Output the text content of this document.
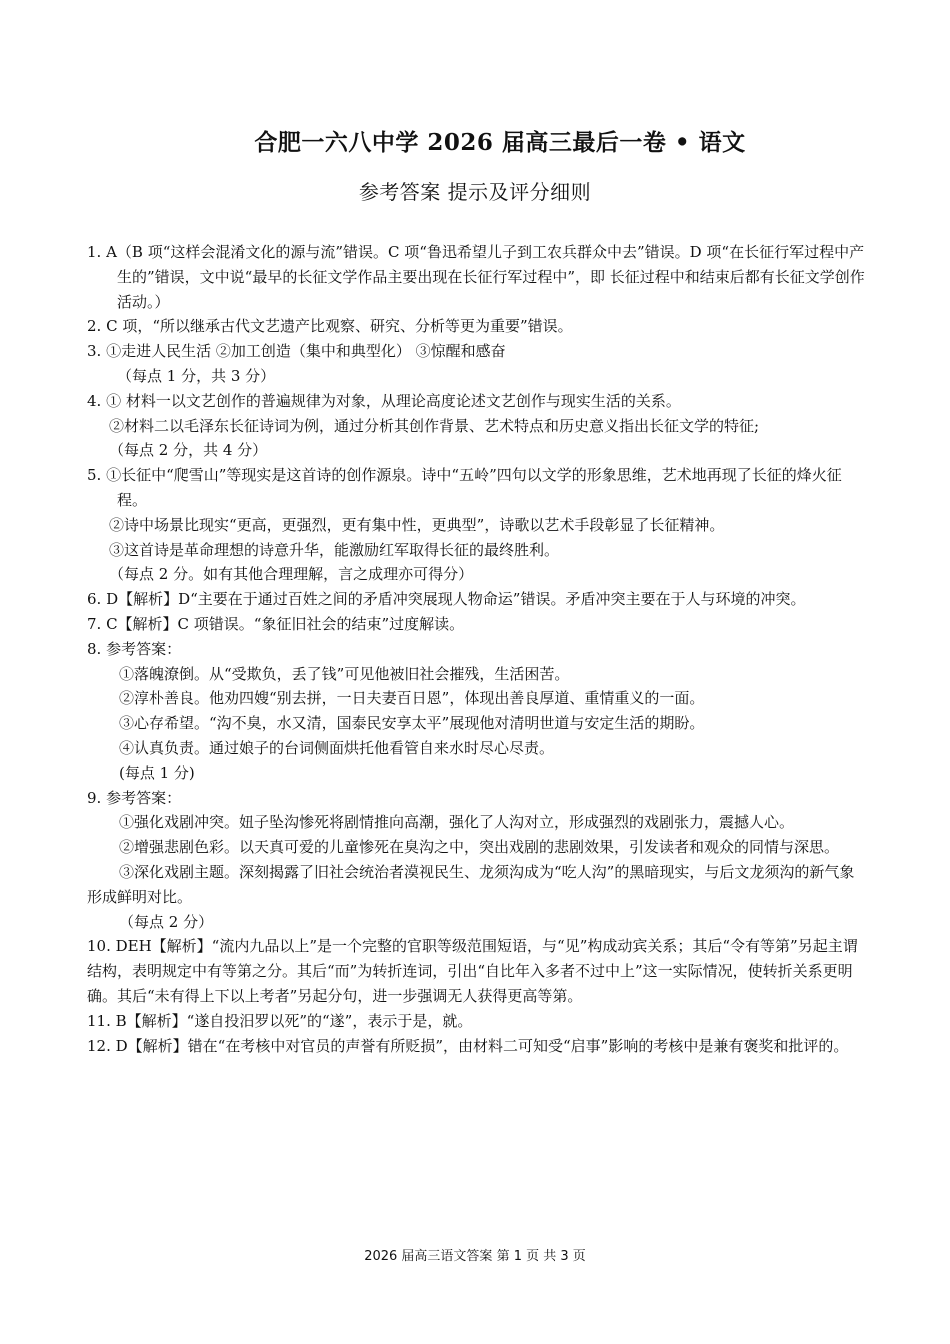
合肥一六八中学 2026 届高三最后一卷 • 语文
参考答案 提示及评分细则

1. A（B 项“这样会混淆文化的源与流”错误。C 项“鲁迅希望儿子到工农兵群众中去”错误。D 项“在长征行军过程中产生的”错误，文中说“最早的长征文学作品主要出现在长征行军过程中”，即 长征过程中和结束后都有长征文学创作活动。）

2. C 项，“所以继承古代文艺遗产比观察、研究、分析等更为重要”错误。

3. ①走进人民生活 ②加工创造（集中和典型化） ③惊醒和感奋

（每点 1 分，共 3 分）

4. ① 材料一以文艺创作的普遍规律为对象，从理论高度论述文艺创作与现实生活的关系。

②材料二以毛泽东长征诗词为例，通过分析其创作背景、艺术特点和历史意义指出长征文学的特征;

（每点 2 分，共 4 分）

5. ①长征中“爬雪山”等现实是这首诗的创作源泉。诗中“五岭”四句以文学的形象思维，艺术地再现了长征的烽火征程。

②诗中场景比现实“更高，更强烈，更有集中性，更典型”，诗歌以艺术手段彰显了长征精神。

③这首诗是革命理想的诗意升华，能激励红军取得长征的最终胜利。

（每点 2 分。如有其他合理理解，言之成理亦可得分）

6. D【解析】D“主要在于通过百姓之间的矛盾冲突展现人物命运”错误。矛盾冲突主要在于人与环境的冲突。

7. C【解析】C 项错误。“象征旧社会的结束”过度解读。

8. 参考答案：

①落魄潦倒。从“受欺负，丢了钱”可见他被旧社会摧残，生活困苦。

②淳朴善良。他劝四嫂“别去拼，一日夫妻百日恩”，体现出善良厚道、重情重义的一面。

③心存希望。“沟不臭，水又清，国泰民安享太平”展现他对清明世道与安定生活的期盼。

④认真负责。通过娘子的台词侧面烘托他看管自来水时尽心尽责。

(每点 1 分)

9. 参考答案：

①强化戏剧冲突。妞子坠沟惨死将剧情推向高潮，强化了人沟对立，形成强烈的戏剧张力，震撼人心。

②增强悲剧色彩。以天真可爱的儿童惨死在臭沟之中，突出戏剧的悲剧效果，引发读者和观众的同情与深思。

③深化戏剧主题。深刻揭露了旧社会统治者漠视民生、龙须沟成为“吃人沟”的黑暗现实，与后文龙须沟的新气象形成鲜明对比。

（每点 2 分）

10. DEH【解析】“流内九品以上”是一个完整的官职等级范围短语，与“见”构成动宾关系；其后“令有等第”另起主谓结构，表明规定中有等第之分。其后“而”为转折连词，引出“自比年入多者不过中上”这一实际情况，使转折关系更明确。其后“未有得上下以上考者”另起分句，进一步强调无人获得更高等第。

11. B【解析】“遂自投汨罗以死”的“遂”，表示于是，就。

12. D【解析】错在“在考核中对官员的声誉有所贬损”，由材料二可知受“启事”影响的考核中是兼有褒奖和批评的。

2026 届高三语文答案 第 1 页 共 3 页
